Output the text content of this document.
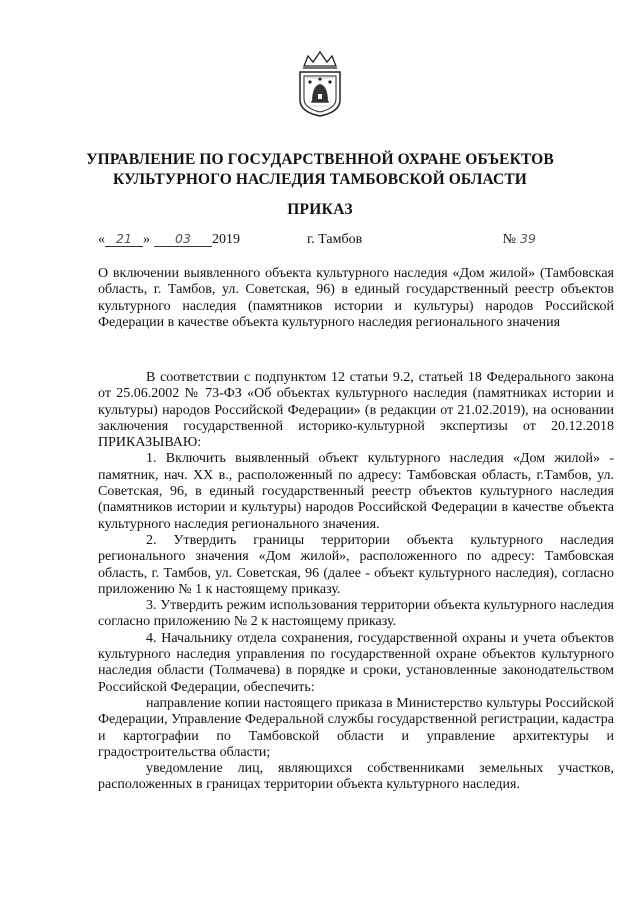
УПРАВЛЕНИЕ ПО ГОСУДАРСТВЕННОЙ ОХРАНЕ ОБЪЕКТОВ
КУЛЬТУРНОГО НАСЛЕДИЯ ТАМБОВСКОЙ ОБЛАСТИ
ПРИКАЗ
« 21 » 03 2019	г. Тамбов	№ 39
О включении выявленного объекта культурного наследия «Дом жилой» (Тамбовская область, г. Тамбов, ул. Советская, 96) в единый государственный реестр объектов культурного наследия (памятников истории и культуры) народов Российской Федерации в качестве объекта культурного наследия регионального значения

В соответствии с подпунктом 12 статьи 9.2, статьей 18 Федерального закона от 25.06.2002 № 73-ФЗ «Об объектах культурного наследия (памятниках истории и культуры) народов Российской Федерации» (в редакции от 21.02.2019), на основании заключения государственной историко-культурной экспертизы от 20.12.2018 ПРИКАЗЫВАЮ:

1. Включить выявленный объект культурного наследия «Дом жилой» - памятник, нач. XX в., расположенный по адресу: Тамбовская область, г.Тамбов, ул. Советская, 96, в единый государственный реестр объектов культурного наследия (памятников истории и культуры) народов Российской Федерации в качестве объекта культурного наследия регионального значения.

2. Утвердить границы территории объекта культурного наследия регионального значения «Дом жилой», расположенного по адресу: Тамбовская область, г. Тамбов, ул. Советская, 96 (далее - объект культурного наследия), согласно приложению № 1 к настоящему приказу.

3. Утвердить режим использования территории объекта культурного наследия согласно приложению № 2 к настоящему приказу.

4. Начальнику отдела сохранения, государственной охраны и учета объектов культурного наследия управления по государственной охране объектов культурного наследия области (Толмачева) в порядке и сроки, установленные законодательством Российской Федерации, обеспечить:

направление копии настоящего приказа в Министерство культуры Российской Федерации, Управление Федеральной службы государственной регистрации, кадастра и картографии по Тамбовской области и управление архитектуры и градостроительства области;

уведомление лиц, являющихся собственниками земельных участков, расположенных в границах территории объекта культурного наследия.
